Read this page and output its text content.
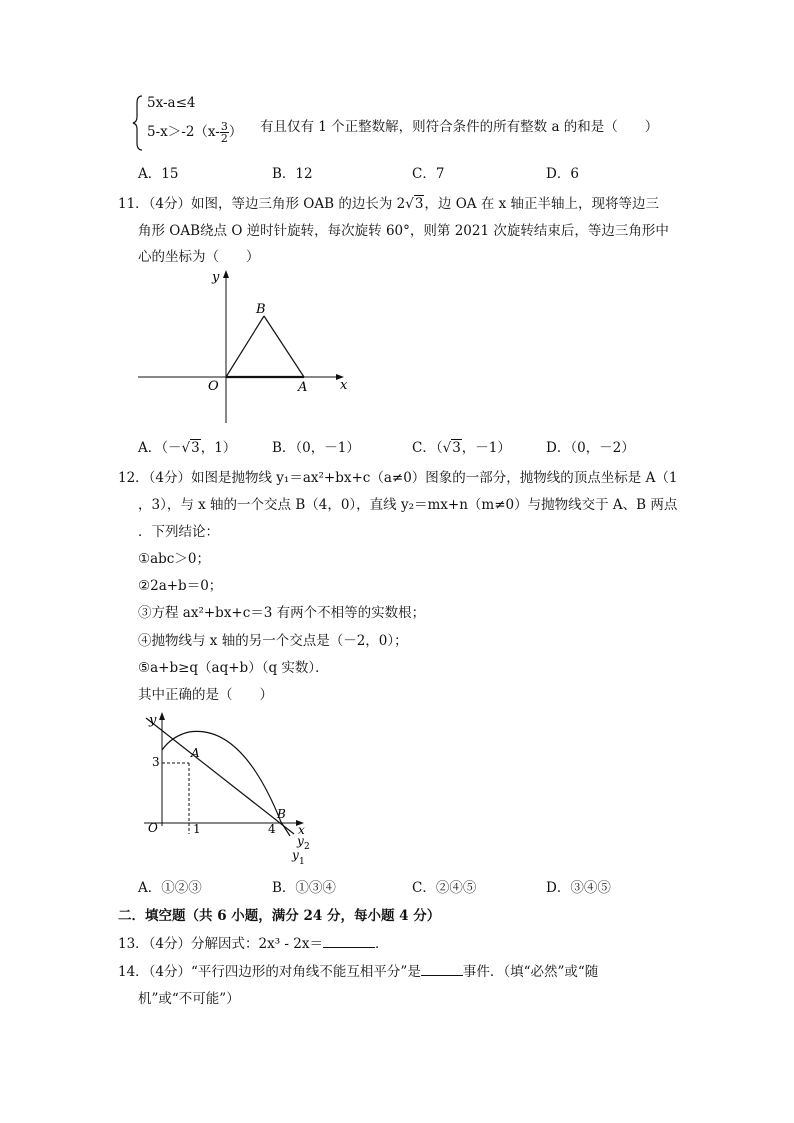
5x-a≤4
$5-x>-2(x- \frac{3}{2}$ ） 有且仅有 1 个正整数解，则符合条件的所有整数 a 的和是（　　）
A．15	B．12	C．7	D．6
11．（4分）如图，等边三角形 OAB 的边长为 2√3，边 OA 在 x 轴正半轴上，现将等边三
角形 OAB绕点 O 逆时针旋转，每次旋转 60°，则第 2021 次旋转结束后，等边三角形中
心的坐标为（　　）
y
x
O	A
B
A．（－√3，1）	B．（0，－1）	C．（√3，－1）	D．（0，－2）
12．（4分）如图是抛物线 y₁＝ax²+bx+c（a≠0）图象的一部分，抛物线的顶点坐标是 A（1
，3），与 x 轴的一个交点 B（4，0），直线 y₂＝mx+n（m≠0）与抛物线交于 A、B 两点
．下列结论：
①abc＞0；
②2a+b＝0；
③方程 ax²+bx+c＝3 有两个不相等的实数根；
④抛物线与 x 轴的另一个交点是（－2，0）；
⑤a+b≥q（aq+b）（q 实数）．
其中正确的是（　　）
y
x
O
A
B
3
1	4
y 2
y 1
A．①②③	B．①③④	C．②④⑤	D．③④⑤
二．填空题（共 6 小题，满分 24 分，每小题 4 分）
13．（4分）分解因式：2x³ - 2x＝	．
14．（4分）“平行四边形的对角线不能互相平分”是	事件．（填“必然”或“随
机”或“不可能”）
